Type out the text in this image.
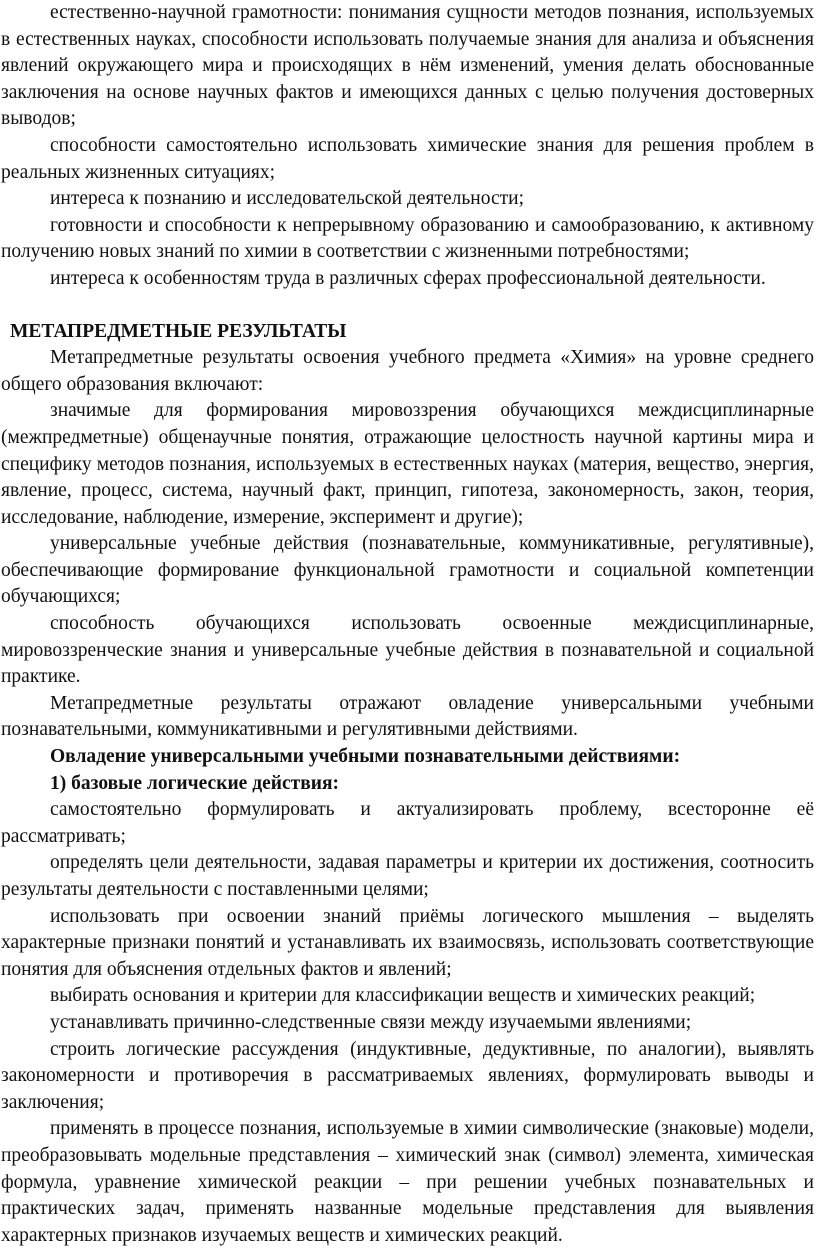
естественно-научной грамотности: понимания сущности методов познания, используемых в естественных науках, способности использовать получаемые знания для анализа и объяснения явлений окружающего мира и происходящих в нём изменений, умения делать обоснованные заключения на основе научных фактов и имеющихся данных с целью получения достоверных выводов;

способности самостоятельно использовать химические знания для решения проблем в реальных жизненных ситуациях;

интереса к познанию и исследовательской деятельности;

готовности и способности к непрерывному образованию и самообразованию, к активному получению новых знаний по химии в соответствии с жизненными потребностями;

интереса к особенностям труда в различных сферах профессиональной деятельности.

МЕТАПРЕДМЕТНЫЕ РЕЗУЛЬТАТЫ

Метапредметные результаты освоения учебного предмета «Химия» на уровне среднего общего образования включают:

значимые для формирования мировоззрения обучающихся междисциплинарные (межпредметные) общенаучные понятия, отражающие целостность научной картины мира и специфику методов познания, используемых в естественных науках (материя, вещество, энергия, явление, процесс, система, научный факт, принцип, гипотеза, закономерность, закон, теория, исследование, наблюдение, измерение, эксперимент и другие);

универсальные учебные действия (познавательные, коммуникативные, регулятивные), обеспечивающие формирование функциональной грамотности и социальной компетенции обучающихся;

способность обучающихся использовать освоенные междисциплинарные, мировоззренческие знания и универсальные учебные действия в познавательной и социальной практике.

Метапредметные результаты отражают овладение универсальными учебными познавательными, коммуникативными и регулятивными действиями.

Овладение универсальными учебными познавательными действиями:

1) базовые логические действия:

самостоятельно формулировать и актуализировать проблему, всесторонне её рассматривать;

определять цели деятельности, задавая параметры и критерии их достижения, соотносить результаты деятельности с поставленными целями;

использовать при освоении знаний приёмы логического мышления – выделять характерные признаки понятий и устанавливать их взаимосвязь, использовать соответствующие понятия для объяснения отдельных фактов и явлений;

выбирать основания и критерии для классификации веществ и химических реакций;

устанавливать причинно-следственные связи между изучаемыми явлениями;

строить логические рассуждения (индуктивные, дедуктивные, по аналогии), выявлять закономерности и противоречия в рассматриваемых явлениях, формулировать выводы и заключения;

применять в процессе познания, используемые в химии символические (знаковые) модели, преобразовывать модельные представления – химический знак (символ) элемента, химическая формула, уравнение химической реакции – при решении учебных познавательных и практических задач, применять названные модельные представления для выявления характерных признаков изучаемых веществ и химических реакций.
